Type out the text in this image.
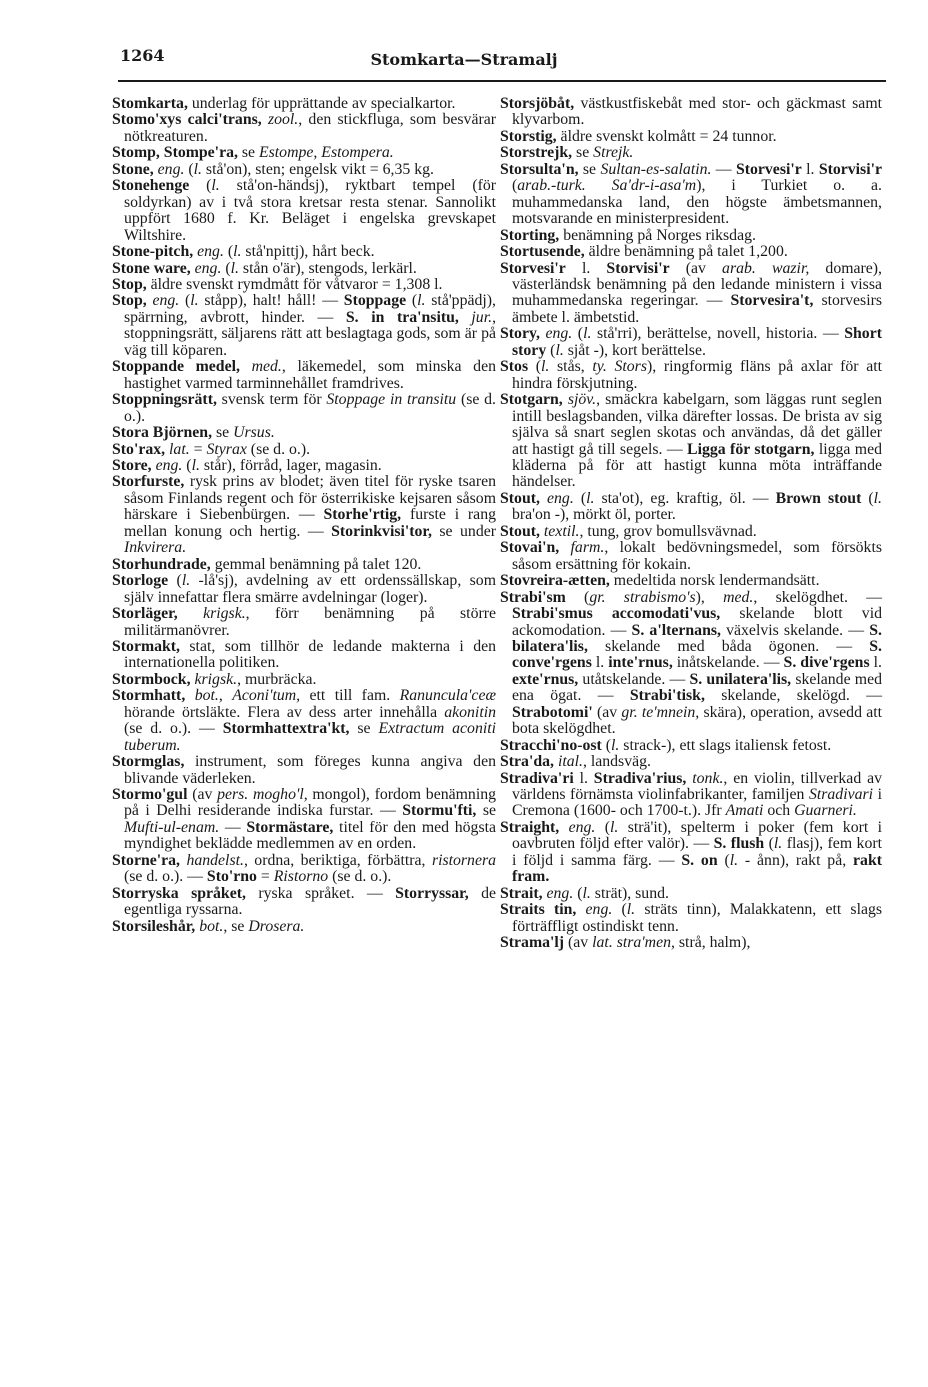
1264	Stomkarta—Stramalj

Stomkarta, underlag för upprättande av specialkartor.

Stomo'xys calci'trans, zool., den stickfluga, som besvärar nötkreaturen.

Stomp, Stompe'ra, se Estompe, Estompera.

Stone, eng. (l. stå'on), sten; engelsk vikt = 6,35 kg.

Stonehenge (l. stå'on-händsj), ryktbart tempel (för soldyrkan) av i två stora kretsar resta stenar. Sannolikt uppfört 1680 f. Kr. Beläget i engelska grevskapet Wiltshire.

Stone-pitch, eng. (l. stå'npittj), hårt beck.

Stone ware, eng. (l. stån o'är), stengods, lerkärl.

Stop, äldre svenskt rymdmått för våtvaror = 1,308 l.

Stop, eng. (l. ståpp), halt! håll! — Stoppage (l. stå'ppädj), spärrning, avbrott, hinder. — S. in tra'nsitu, jur., stoppningsrätt, säljarens rätt att beslagtaga gods, som är på väg till köparen.

Stoppande medel, med., läkemedel, som minska den hastighet varmed tarminnehållet framdrives.

Stoppningsrätt, svensk term för Stoppage in transitu (se d. o.).

Stora Björnen, se Ursus.

Sto'rax, lat. = Styrax (se d. o.).

Store, eng. (l. står), förråd, lager, magasin.

Storfurste, rysk prins av blodet; även titel för ryske tsaren såsom Finlands regent och för österrikiske kejsaren såsom härskare i Siebenbürgen. — Storhe'rtig, furste i rang mellan konung och hertig. — Storinkvisi'tor, se under Inkvirera.

Storhundrade, gemmal benämning på talet 120.

Storloge (l. -lå'sj), avdelning av ett ordenssällskap, som själv innefattar flera smärre avdelningar (loger).

Storläger, krigsk., förr benämning på större militärmanövrer.

Stormakt, stat, som tillhör de ledande makterna i den internationella politiken.

Stormbock, krigsk., murbräcka.

Stormhatt, bot., Aconi'tum, ett till fam. Ranuncula'ceæ hörande örtsläkte. Flera av dess arter innehålla akonitin (se d. o.). — Stormhattextra'kt, se Extractum aconiti tuberum.

Stormglas, instrument, som föreges kunna angiva den blivande väderleken.

Stormo'gul (av pers. mogho'l, mongol), fordom benämning på i Delhi residerande indiska furstar. — Stormu'fti, se Mufti-ul-enam. — Stormästare, titel för den med högsta myndighet beklädde medlemmen av en orden.

Storne'ra, handelst., ordna, beriktiga, förbättra, ristornera (se d. o.). — Sto'rno = Ristorno (se d. o.).

Storryska språket, ryska språket. — Storryssar, de egentliga ryssarna.

Storsileshår, bot., se Drosera.

Storsjöbåt, västkustfiskebåt med stor- och gäckmast samt klyvarbom.

Storstig, äldre svenskt kolmått = 24 tunnor.

Storstrejk, se Strejk.

Storsulta'n, se Sultan-es-salatin. — Storvesi'r l. Storvisi'r (arab.-turk. Sa'dr-i-asa'm), i Turkiet o. a. muhammedanska land, den högste ämbetsmannen, motsvarande en ministerpresident.

Storting, benämning på Norges riksdag.

Stortusende, äldre benämning på talet 1,200.

Storvesi'r l. Storvisi'r (av arab. wazir, domare), västerländsk benämning på den ledande ministern i vissa muhammedanska regeringar. — Storvesira't, storvesirs ämbete l. ämbetstid.

Story, eng. (l. stå'rri), berättelse, novell, historia. — Short story (l. sjåt -), kort berättelse.

Stos (l. stås, ty. Stors), ringformig fläns på axlar för att hindra förskjutning.

Stotgarn, sjöv., smäckra kabelgarn, som läggas runt seglen intill beslagsbanden, vilka därefter lossas. De brista av sig själva så snart seglen skotas och användas, då det gäller att hastigt gå till segels. — Ligga för stotgarn, ligga med kläderna på för att hastigt kunna möta inträffande händelser.

Stout, eng. (l. sta'ot), eg. kraftig, öl. — Brown stout (l. bra'on -), mörkt öl, porter.

Stout, textil., tung, grov bomullsvävnad.

Stovai'n, farm., lokalt bedövningsmedel, som försökts såsom ersättning för kokain.

Stovreira-ætten, medeltida norsk lendermandsätt.

Strabi'sm (gr. strabismo's), med., skelögdhet. — Strabi'smus accomodati'vus, skelande blott vid ackomodation. — S. a'lternans, växelvis skelande. — S. bilatera'lis, skelande med båda ögonen. — S. conve'rgens l. inte'rnus, inåtskelande. — S. dive'rgens l. exte'rnus, utåtskelande. — S. unilatera'lis, skelande med ena ögat. — Strabi'tisk, skelande, skelögd. — Strabotomi' (av gr. te'mnein, skära), operation, avsedd att bota skelögdhet.

Stracchi'no-ost (l. strack-), ett slags italiensk fetost.

Stra'da, ital., landsväg.

Stradiva'ri l. Stradiva'rius, tonk., en violin, tillverkad av världens förnämsta violinfabrikanter, familjen Stradivari i Cremona (1600- och 1700-t.). Jfr Amati och Guarneri.

Straight, eng. (l. strä'it), spelterm i poker (fem kort i oavbruten följd efter valör). — S. flush (l. flasj), fem kort i följd i samma färg. — S. on (l. - ånn), rakt på, rakt fram.

Strait, eng. (l. strät), sund.

Straits tin, eng. (l. sträts tinn), Malakkatenn, ett slags förträffligt ostindiskt tenn.

Strama'lj (av lat. stra'men, strå, halm),
